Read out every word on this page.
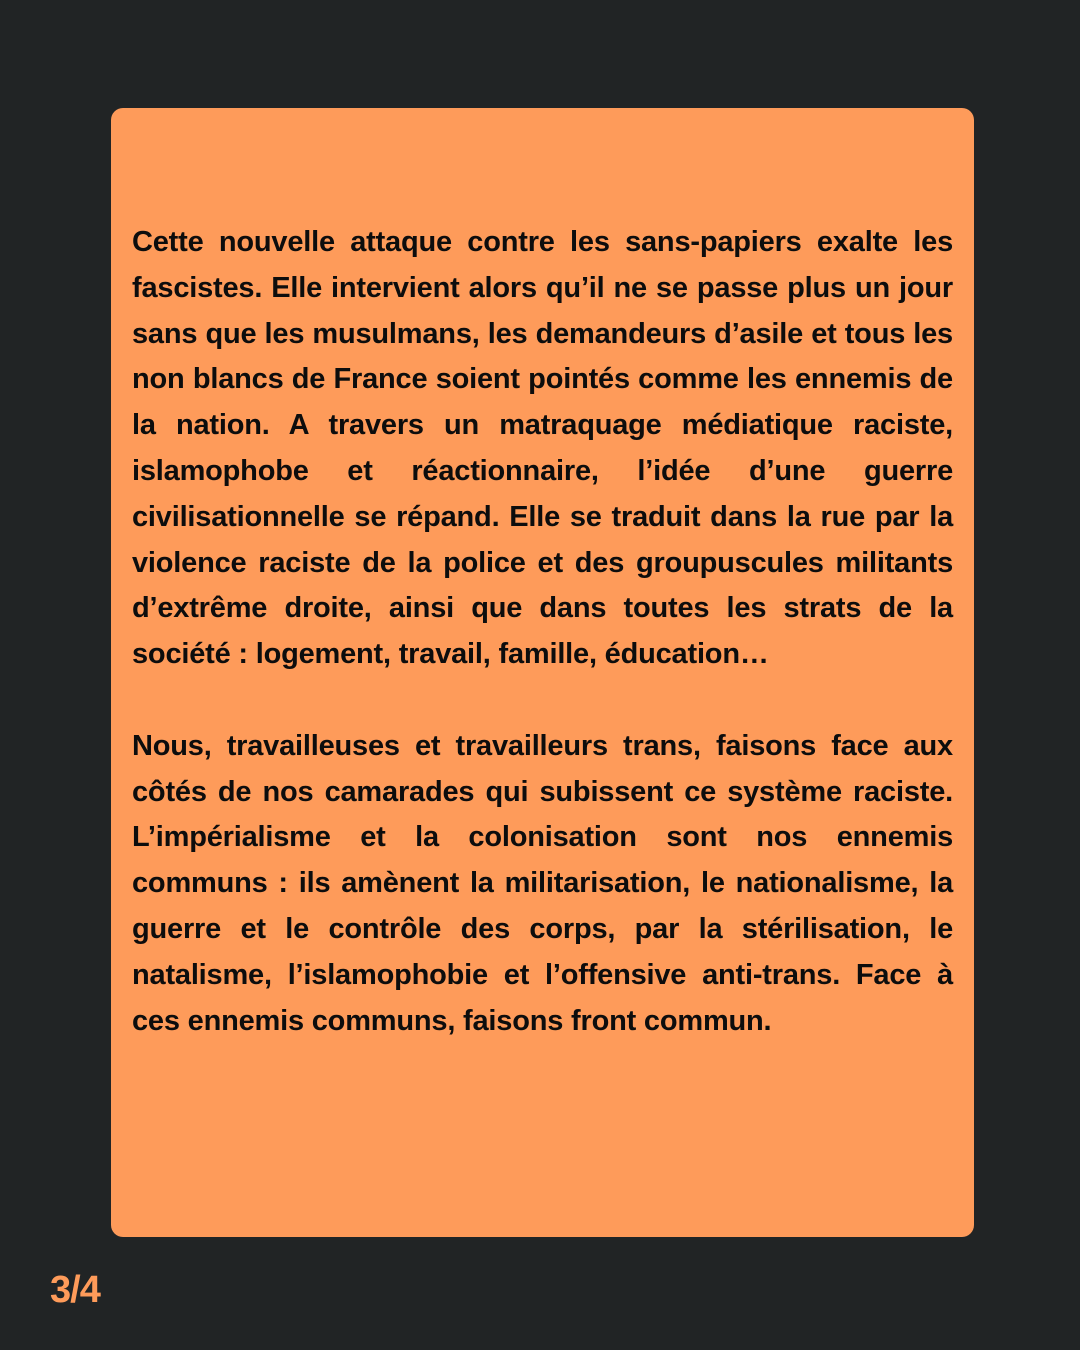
Cette nouvelle attaque contre les sans-papiers exalte les fascistes. Elle intervient alors qu’il ne se passe plus un jour sans que les musulmans, les demandeurs d’asile et tous les non blancs de France soient pointés comme les ennemis de la nation. A travers un matraquage médiatique raciste, islamophobe et réactionnaire, l’idée d’une guerre civilisationnelle se répand. Elle se traduit dans la rue par la violence raciste de la police et des groupuscules militants d’extrême droite, ainsi que dans toutes les strats de la société : logement, travail, famille, éducation…

Nous, travailleuses et travailleurs trans, faisons face aux côtés de nos camarades qui subissent ce système raciste. L’impérialisme et la colonisation sont nos ennemis communs : ils amènent la militarisation, le nationalisme, la guerre et le contrôle des corps, par la stérilisation, le natalisme, l’islamophobie et l’offensive anti-trans. Face à ces ennemis communs, faisons front commun.

3/4
